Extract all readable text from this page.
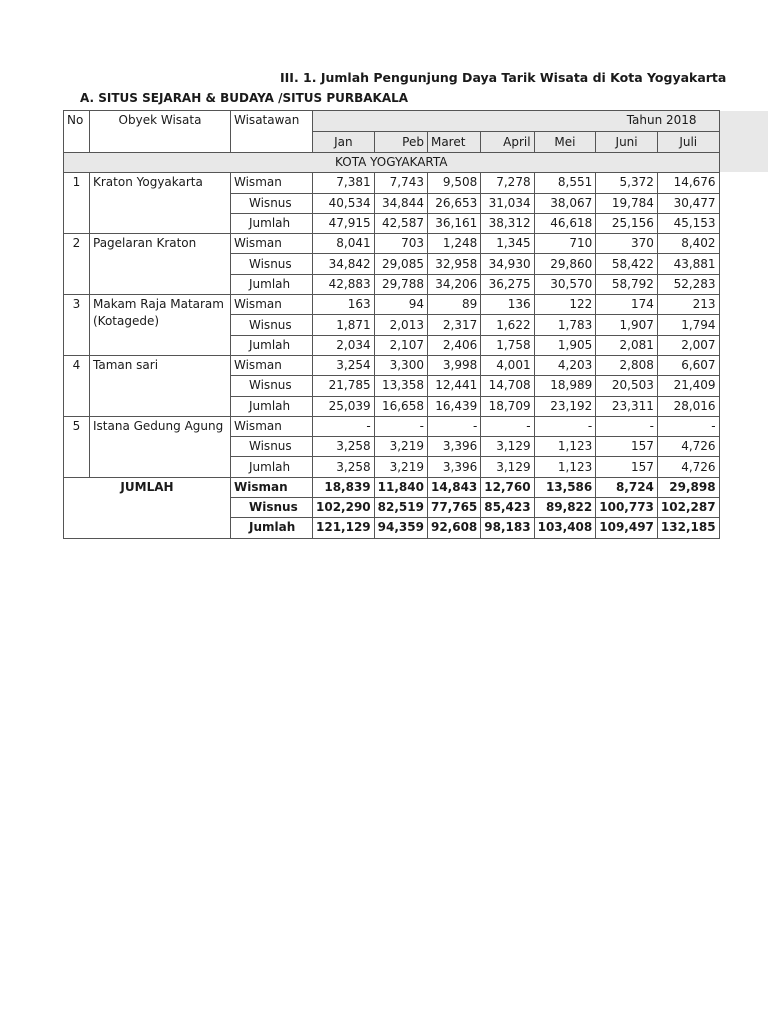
III. 1. Jumlah Pengunjung Daya Tarik Wisata di Kota Yogyakarta
A. SITUS SEJARAH & BUDAYA /SITUS PURBAKALA
No	Obyek Wisata	Wisatawan	Tahun 2018						
			Jan	Peb	Maret	April	Mei	Juni	Juli
KOTA YOGYAKARTA									
1	Kraton Yogyakarta	Wisman	7,381	7,743	9,508	7,278	8,551	5,372	14,676
		Wisnus	40,534	34,844	26,653	31,034	38,067	19,784	30,477
		Jumlah	47,915	42,587	36,161	38,312	46,618	25,156	45,153
2	Pagelaran Kraton	Wisman	8,041	703	1,248	1,345	710	370	8,402
		Wisnus	34,842	29,085	32,958	34,930	29,860	58,422	43,881
		Jumlah	42,883	29,788	34,206	36,275	30,570	58,792	52,283
3	Makam Raja Mataram (Kotagede)	Wisman	163	94	89	136	122	174	213
		Wisnus	1,871	2,013	2,317	1,622	1,783	1,907	1,794
		Jumlah	2,034	2,107	2,406	1,758	1,905	2,081	2,007
4	Taman sari	Wisman	3,254	3,300	3,998	4,001	4,203	2,808	6,607
		Wisnus	21,785	13,358	12,441	14,708	18,989	20,503	21,409
		Jumlah	25,039	16,658	16,439	18,709	23,192	23,311	28,016
5	Istana Gedung Agung	Wisman	-	-	-	-	-	-	-
		Wisnus	3,258	3,219	3,396	3,129	1,123	157	4,726
		Jumlah	3,258	3,219	3,396	3,129	1,123	157	4,726
JUMLAH		Wisman	18,839	11,840	14,843	12,760	13,586	8,724	29,898
		Wisnus	102,290	82,519	77,765	85,423	89,822	100,773	102,287
		Jumlah	121,129	94,359	92,608	98,183	103,408	109,497	132,185
